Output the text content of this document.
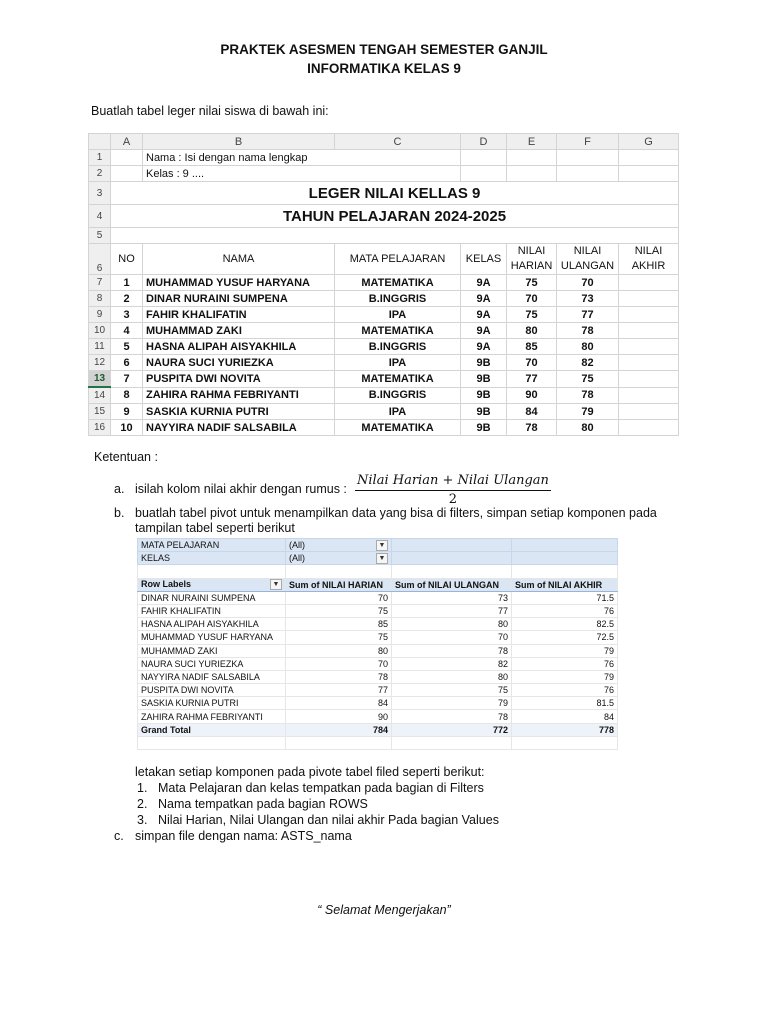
PRAKTEK ASESMEN TENGAH SEMESTER GANJIL
INFORMATIKA KELAS 9
Buatlah tabel leger nilai siswa di bawah ini:
	A	B	C	D	E	F	G
1		Nama : Isi dengan nama lengkap					
2		Kelas : 9 ....					
3	LEGER NILAI KELLAS 9						
4	TAHUN PELAJARAN 2024-2025						
5							
6	NO	NAMA	MATA PELAJARAN	KELAS	NILAI HARIAN	NILAI ULANGAN	NILAI AKHIR
7	1	MUHAMMAD YUSUF HARYANA	MATEMATIKA	9A	75	70	
8	2	DINAR NURAINI SUMPENA	B.INGGRIS	9A	70	73	
9	3	FAHIR KHALIFATIN	IPA	9A	75	77	
10	4	MUHAMMAD ZAKI	MATEMATIKA	9A	80	78	
11	5	HASNA ALIPAH AISYAKHILA	B.INGGRIS	9A	85	80	
12	6	NAURA SUCI YURIEZKA	IPA	9B	70	82	
13	7	PUSPITA DWI NOVITA	MATEMATIKA	9B	77	75	
14	8	ZAHIRA RAHMA FEBRIYANTI	B.INGGRIS	9B	90	78	
15	9	SASKIA KURNIA PUTRI	IPA	9B	84	79	
16	10	NAYYIRA NADIF SALSABILA	MATEMATIKA	9B	78	80	
Ketentuan :
a. isilah kolom nilai akhir dengan rumus :
Nilai Harian + Nilai Ulangan
2
b. buatlah tabel pivot untuk menampilkan data yang bisa di filters, simpan setiap komponen pada
tampilan tabel seperti berikut
MATA PELAJARAN	(All) ▼		

KELAS	(All) ▼		

Row Labels ▼	Sum of NILAI HARIAN	Sum of NILAI ULANGAN	Sum of NILAI AKHIR
DINAR NURAINI SUMPENA	70	73	71.5
FAHIR KHALIFATIN	75	77	76
HASNA ALIPAH AISYAKHILA	85	80	82.5
MUHAMMAD YUSUF HARYANA	75	70	72.5
MUHAMMAD ZAKI	80	78	79
NAURA SUCI YURIEZKA	70	82	76
NAYYIRA NADIF SALSABILA	78	80	79
PUSPITA DWI NOVITA	77	75	76
SASKIA KURNIA PUTRI	84	79	81.5
ZAHIRA RAHMA FEBRIYANTI	90	78	84
Grand Total	784	772	778

letakan setiap komponen pada pivote tabel filed seperti berikut:
1. Mata Pelajaran dan kelas tempatkan pada bagian di Filters
2. Nama tempatkan pada bagian ROWS
3. Nilai Harian, Nilai Ulangan dan nilai akhir Pada bagian Values
c. simpan file dengan nama: ASTS_nama
“ Selamat Mengerjakan”
